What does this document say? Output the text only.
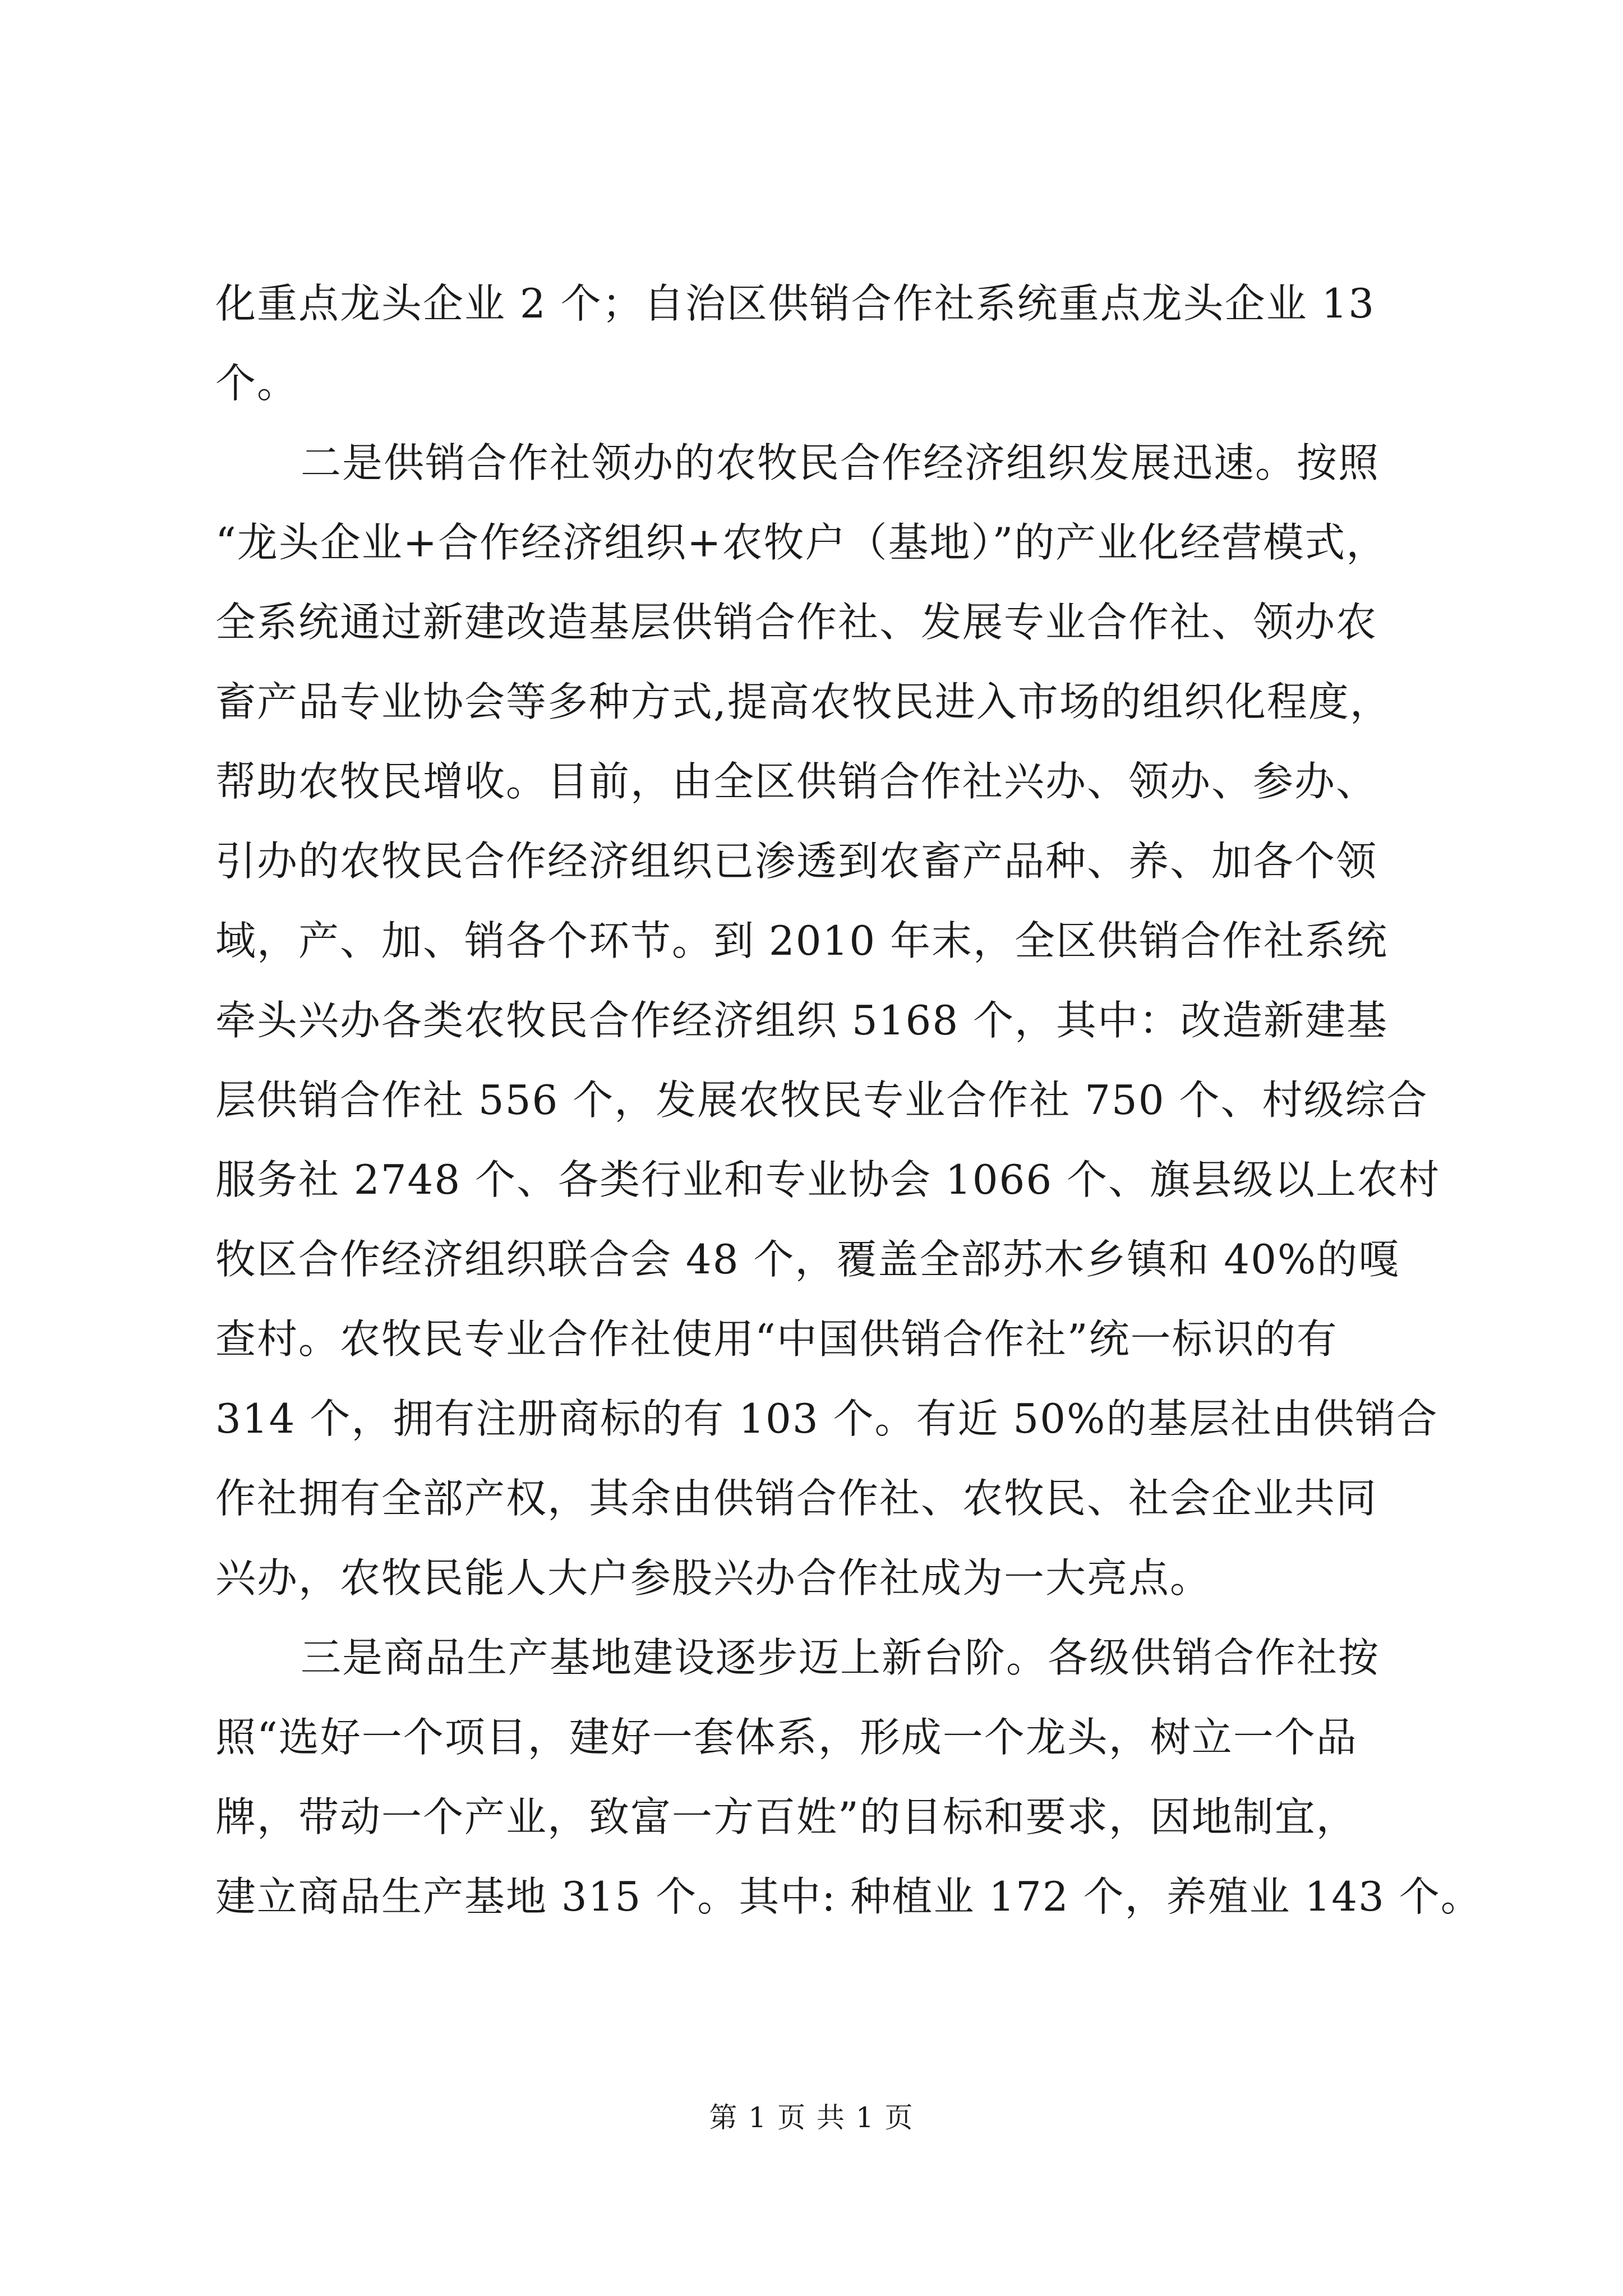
化重点龙头企业 2 个；自治区供销合作社系统重点龙头企业 13
个。
二是供销合作社领办的农牧民合作经济组织发展迅速。按照
“龙头企业+合作经济组织+农牧户（基地）”的产业化经营模式，
全系统通过新建改造基层供销合作社、发展专业合作社、领办农
畜产品专业协会等多种方式,提高农牧民进入市场的组织化程度，
帮助农牧民增收。目前，由全区供销合作社兴办、领办、参办、
引办的农牧民合作经济组织已渗透到农畜产品种、养、加各个领
域，产、加、销各个环节。到 2010 年末，全区供销合作社系统
牵头兴办各类农牧民合作经济组织 5168 个，其中：改造新建基
层供销合作社 556 个，发展农牧民专业合作社 750 个、村级综合
服务社 2748 个、各类行业和专业协会 1066 个、旗县级以上农村
牧区合作经济组织联合会 48 个，覆盖全部苏木乡镇和 40%的嘎
查村。农牧民专业合作社使用“中国供销合作社”统一标识的有
314 个，拥有注册商标的有 103 个。有近 50%的基层社由供销合
作社拥有全部产权，其余由供销合作社、农牧民、社会企业共同
兴办，农牧民能人大户参股兴办合作社成为一大亮点。
三是商品生产基地建设逐步迈上新台阶。各级供销合作社按
照“选好一个项目，建好一套体系，形成一个龙头，树立一个品
牌，带动一个产业，致富一方百姓”的目标和要求，因地制宜，
建立商品生产基地 315 个。其中: 种植业 172 个，养殖业 143 个。
第 1 页 共 1 页
